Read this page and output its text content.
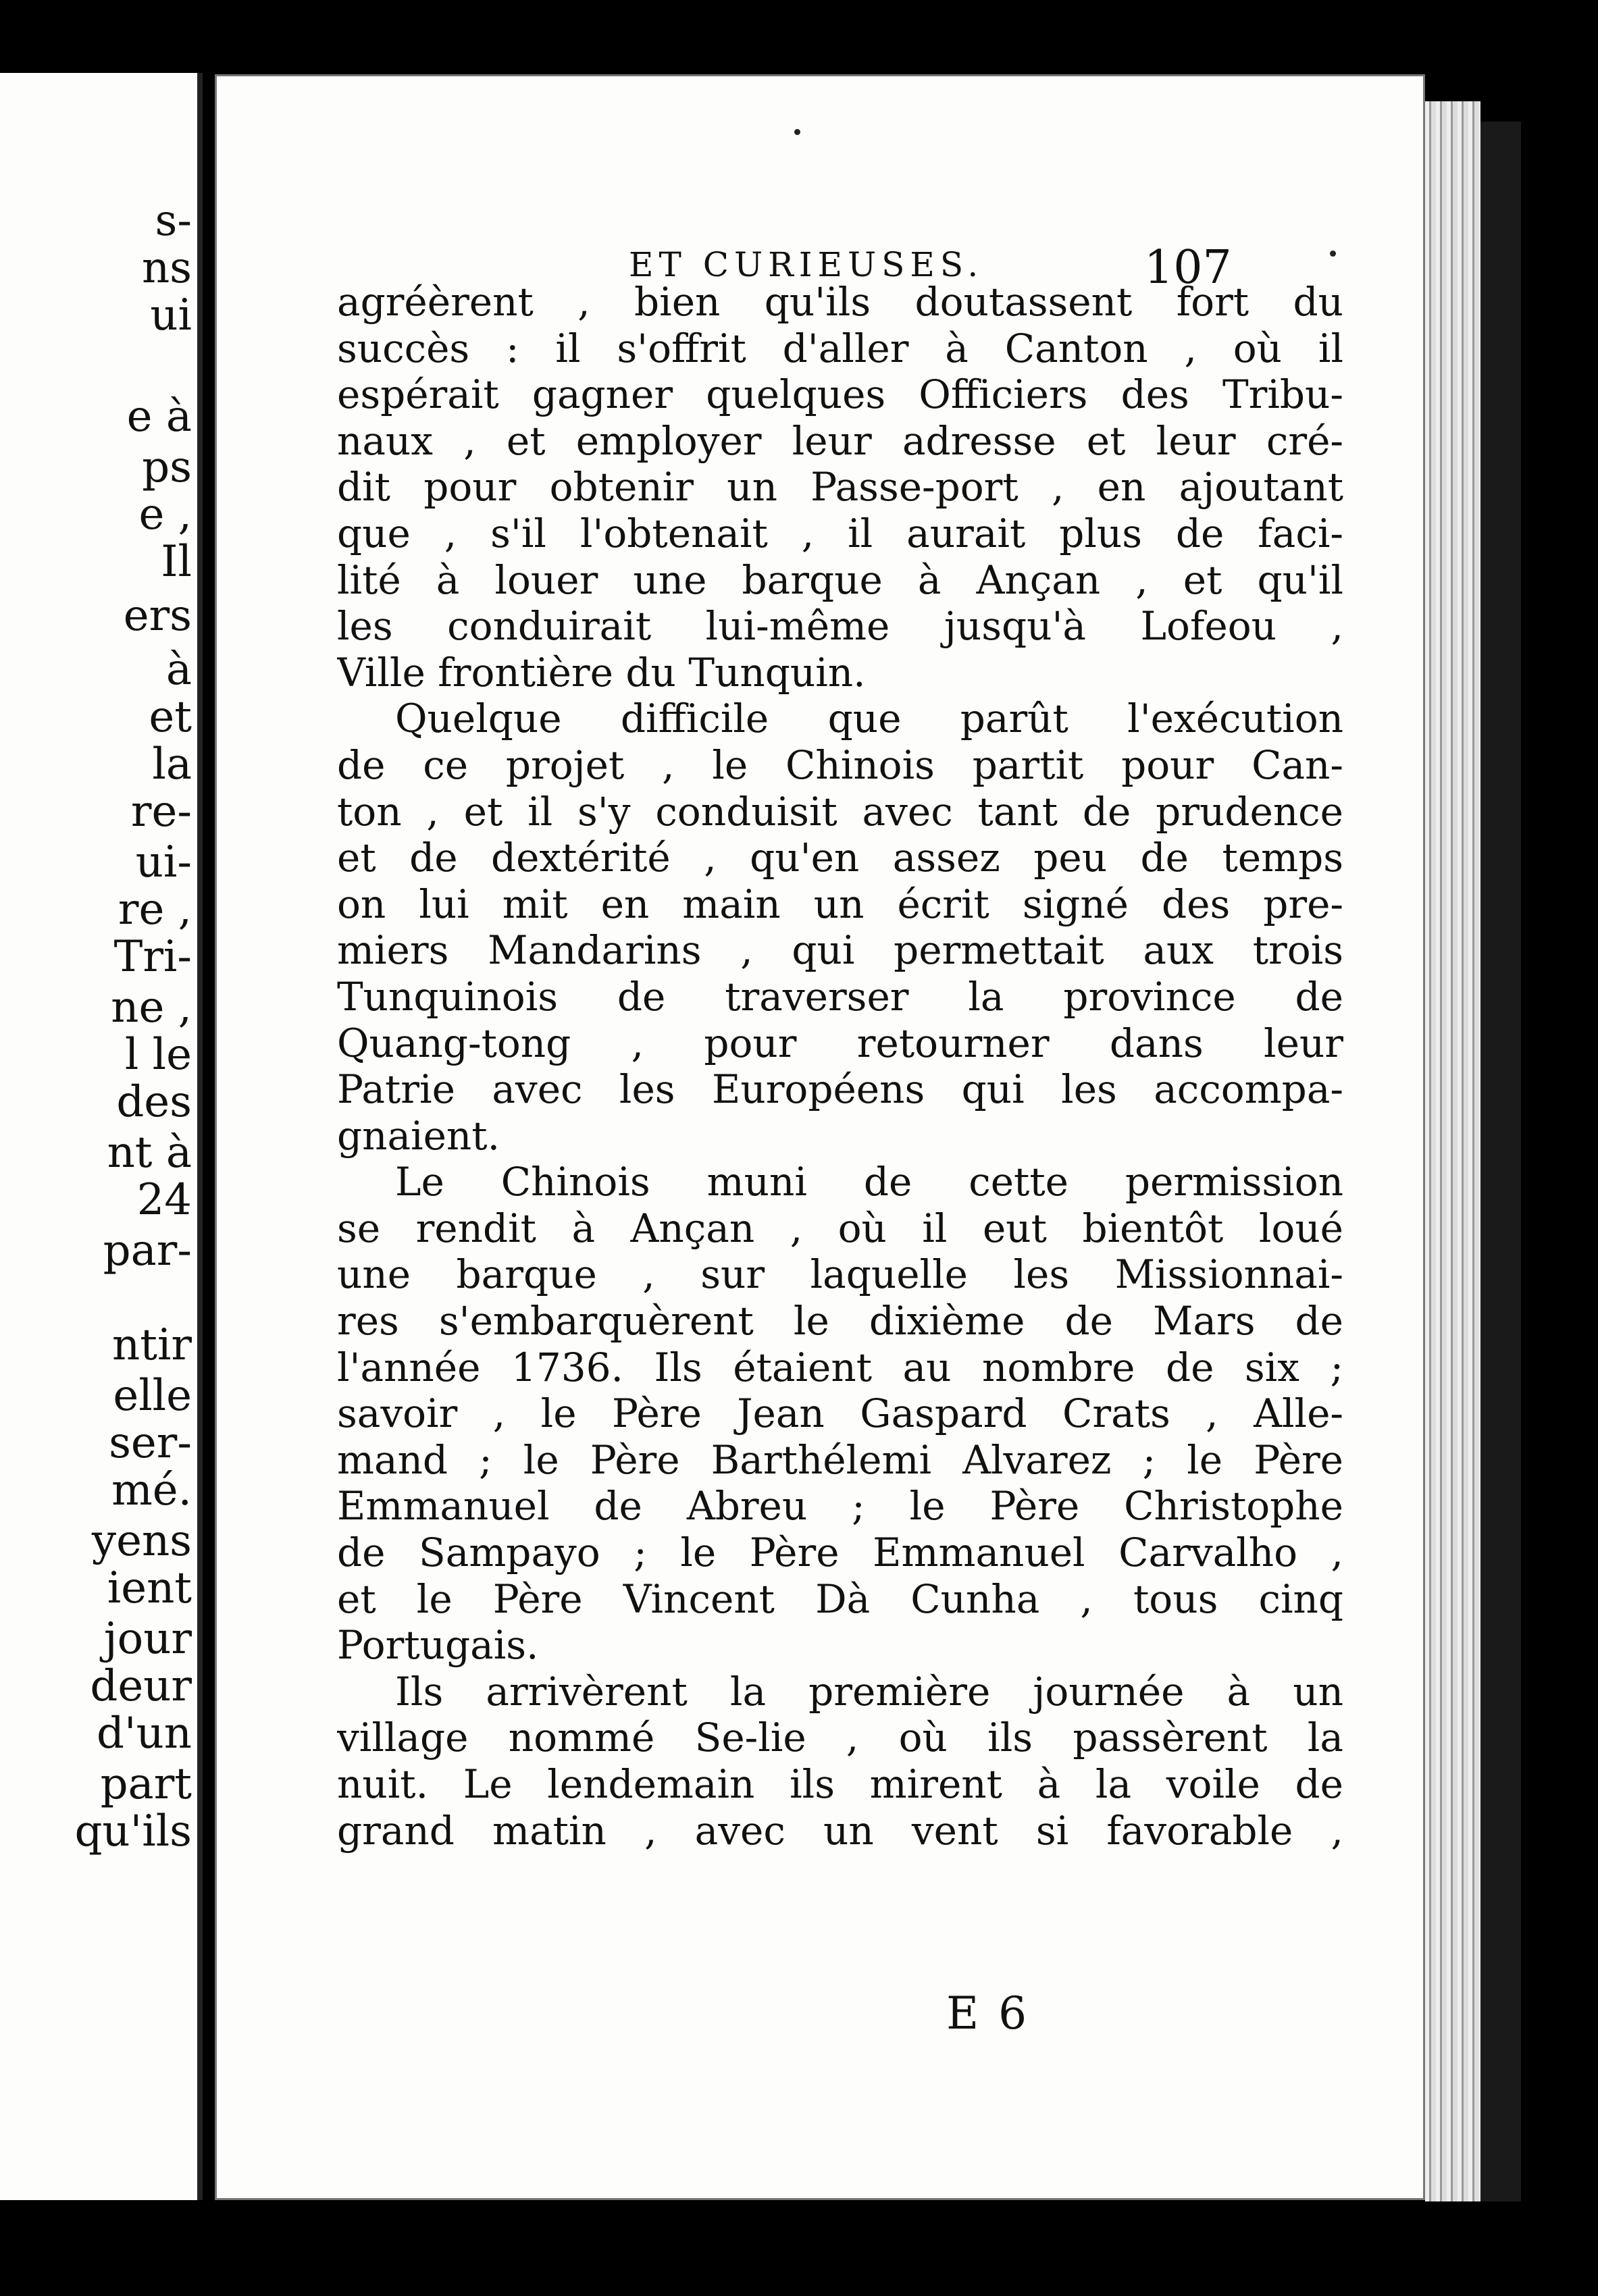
s-
ns
ui
e à
ps
e ,
Il
ers
à
et
la
re-
ui-
re ,
Tri-
ne ,
l le
des
nt à
24
par-
ntir
elle
ser-
mé.
yens
ient
jour
deur
d'un
part
qu'ils
ET CURIEUSES.	107
agréèrent , bien qu'ils doutassent fort du
succès : il s'offrit d'aller à Canton , où il
espérait gagner quelques Officiers des Tribu-
naux , et employer leur adresse et leur cré-
dit pour obtenir un Passe-port , en ajoutant
que , s'il l'obtenait , il aurait plus de faci-
lité à louer une barque à Ançan , et qu'il
les conduirait lui-même jusqu'à Lofeou ,
Ville frontière du Tunquin.
Quelque difficile que parût l'exécution
de ce projet , le Chinois partit pour Can-
ton , et il s'y conduisit avec tant de prudence
et de dextérité , qu'en assez peu de temps
on lui mit en main un écrit signé des pre-
miers Mandarins , qui permettait aux trois
Tunquinois de traverser la province de
Quang-tong , pour retourner dans leur
Patrie avec les Européens qui les accompa-
gnaient.
Le Chinois muni de cette permission
se rendit à Ançan , où il eut bientôt loué
une barque , sur laquelle les Missionnai-
res s'embarquèrent le dixième de Mars de
l'année 1736. Ils étaient au nombre de six ;
savoir , le Père Jean Gaspard Crats , Alle-
mand ; le Père Barthélemi Alvarez ; le Père
Emmanuel de Abreu ; le Père Christophe
de Sampayo ; le Père Emmanuel Carvalho ,
et le Père Vincent Dà Cunha , tous cinq
Portugais.
Ils arrivèrent la première journée à un
village nommé Se-lie , où ils passèrent la
nuit. Le lendemain ils mirent à la voile de
grand matin , avec un vent si favorable ,
E 6
